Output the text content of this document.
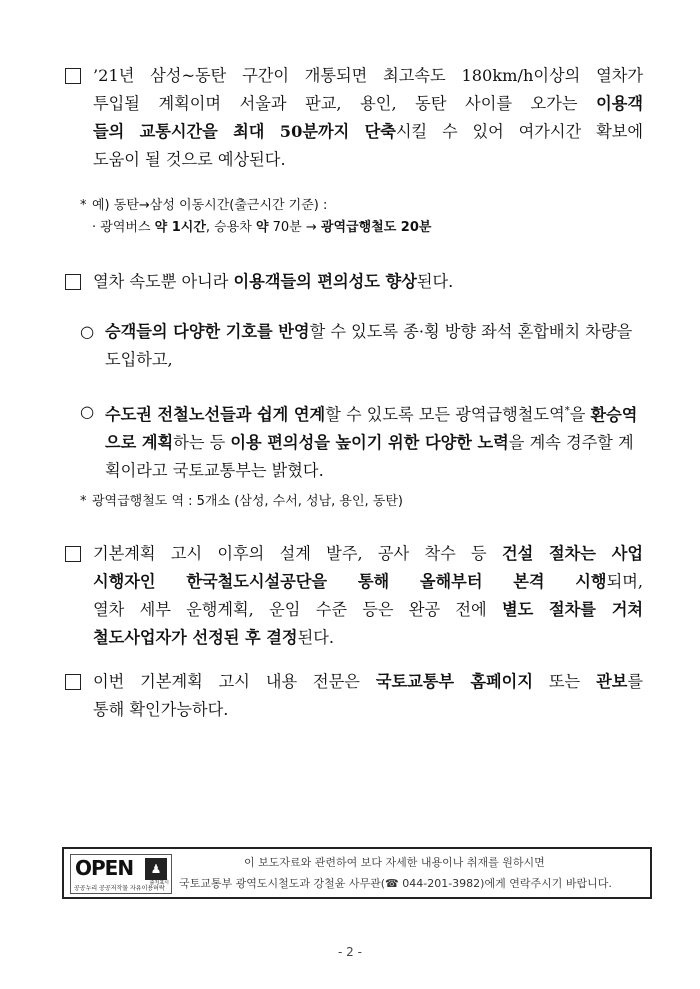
’21년 삼성~동탄 구간이 개통되면 최고속도 180km/h이상의 열차가
투입될 계획이며 서울과 판교, 용인, 동탄 사이를 오가는 이용객
들의 교통시간을 최대 50분까지 단축시킬 수 있어 여가시간 확보에
도움이 될 것으로 예상된다.
* 예) 동탄→삼성 이동시간(출근시간 기준) :
· 광역버스 약 1시간, 승용차 약 70분 → 광역급행철도 20분
열차 속도뿐 아니라 이용객들의 편의성도 향상된다.
○ 승객들의 다양한 기호를 반영할 수 있도록 종·횡 방향 좌석 혼합배치 차량을 도입하고,
○ 수도권 전철노선들과 쉽게 연계할 수 있도록 모든 광역급행철도역*을 환승역으로 계획하는 등 이용 편의성을 높이기 위한 다양한 노력을 계속 경주할 계획이라고 국토교통부는 밝혔다.
* 광역급행철도 역 : 5개소 (삼성, 수서, 성남, 용인, 동탄)
기본계획 고시 이후의 설계 발주, 공사 착수 등 건설 절차는 사업
시행자인 한국철도시설공단을 통해 올해부터 본격 시행되며,
열차 세부 운행계획, 운임 수준 등은 완공 전에 별도 절차를 거쳐
철도사업자가 선정된 후 결정된다.
이번 기본계획 고시 내용 전문은 국토교통부 홈페이지 또는 관보를
통해 확인가능하다.
OPEN	♟
출처표시
공공누리 공공저작물 자유이용허락
이 보도자료와 관련하여 보다 자세한 내용이나 취재를 원하시면
국토교통부 광역도시철도과 강철윤 사무관(☎ 044-201-3982)에게 연락주시기 바랍니다.
- 2 -
